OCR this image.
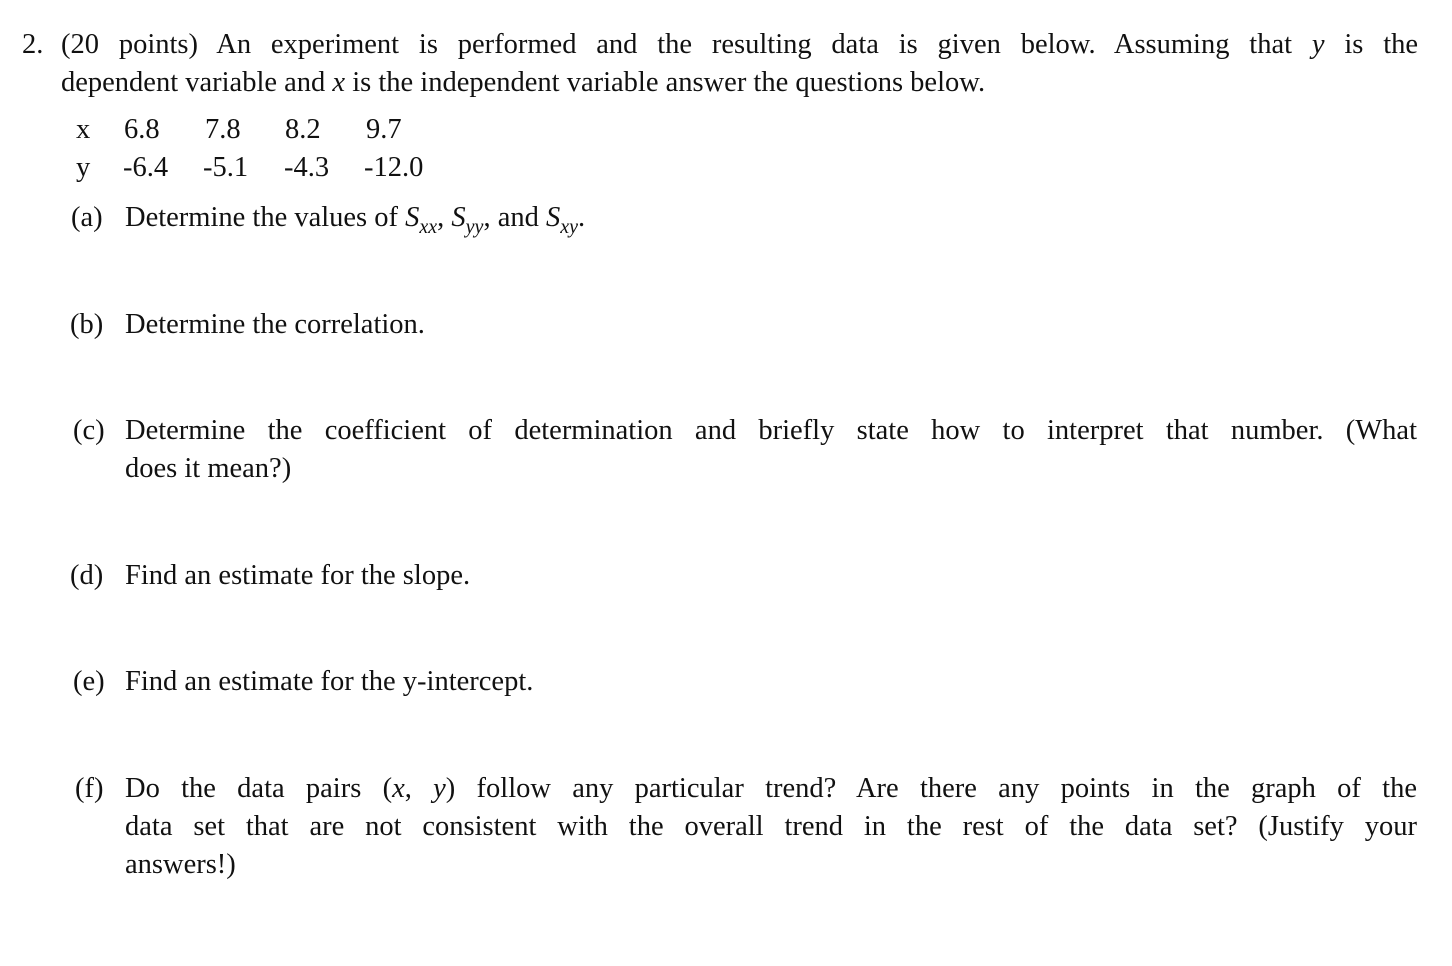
2. (20 points) An experiment is performed and the resulting data is given below. Assuming that y is the
dependent variable and x is the independent variable answer the questions below.
x 6.8 7.8 8.2 9.7
y -6.4 -5.1 -4.3 -12.0
(a) Determine the values of $S_{xx}$, $S_{yy}$, and $S_{xy}$.
(b) Determine the correlation.
(c) Determine the coefficient of determination and briefly state how to interpret that number. (What
does it mean?)
(d) Find an estimate for the slope.
(e) Find an estimate for the y-intercept.
(f) Do the data pairs (x, y) follow any particular trend? Are there any points in the graph of the
data set that are not consistent with the overall trend in the rest of the data set? (Justify your
answers!)
